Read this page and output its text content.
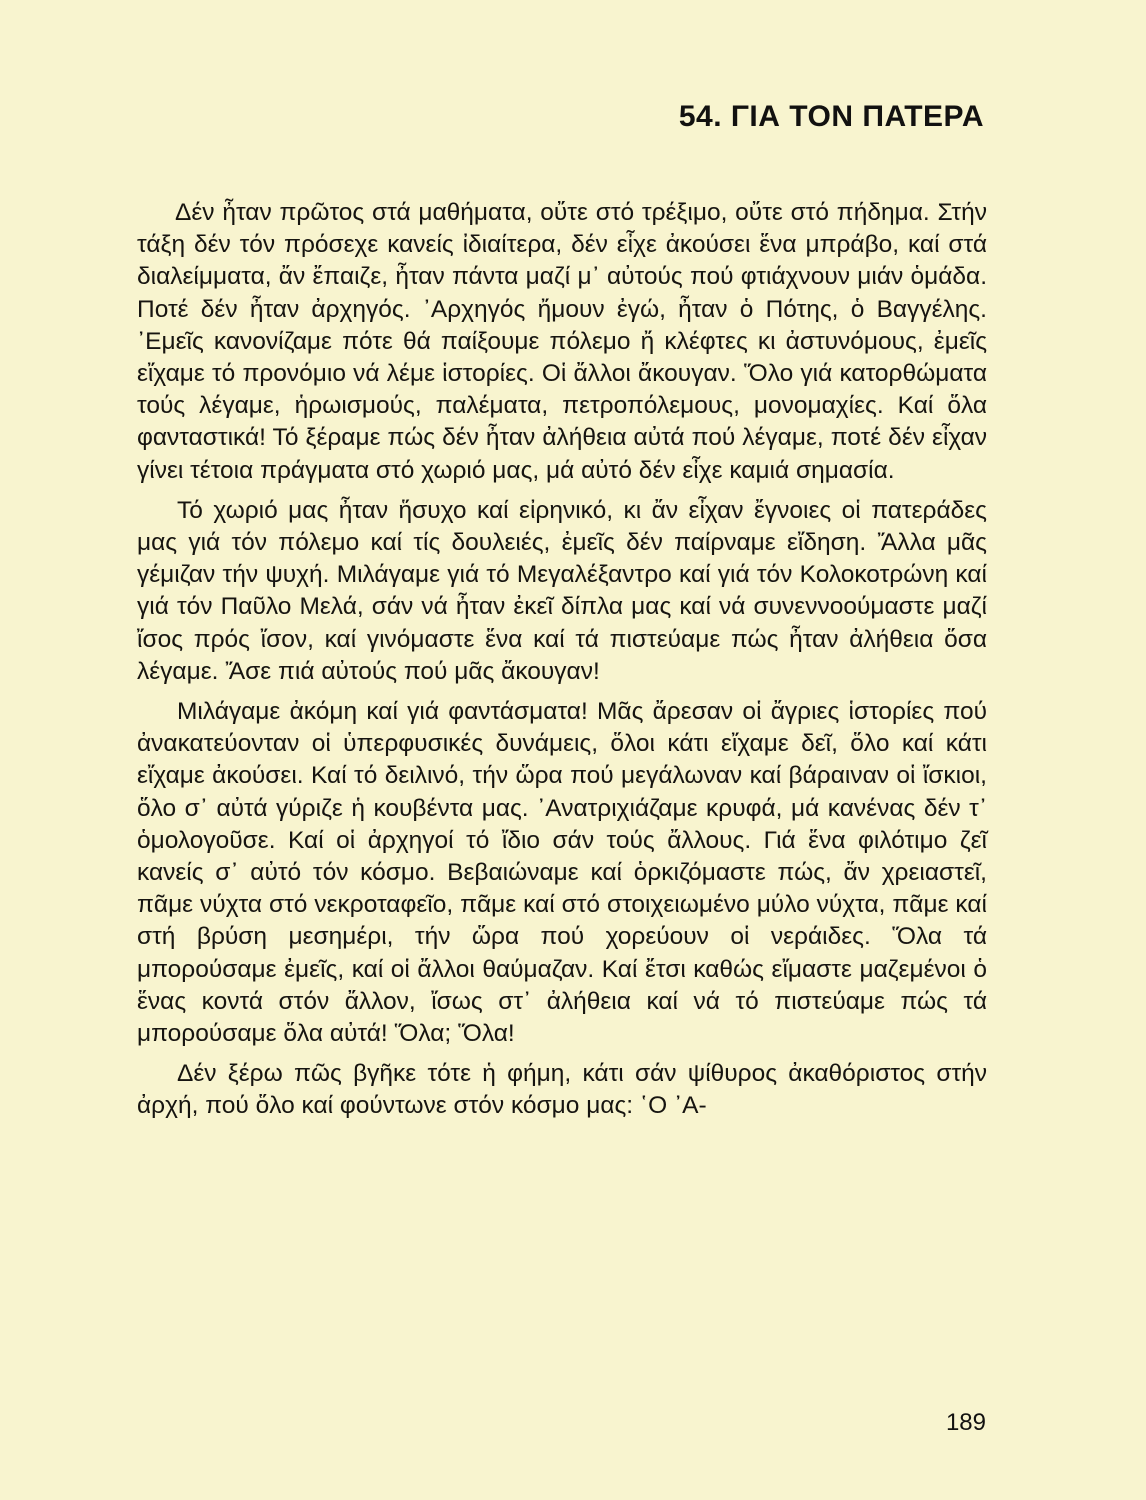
54. ΓΙΑ ΤΟΝ ΠΑΤΕΡΑ

Δέν ἦταν πρῶτος στά μαθήματα, οὔτε στό τρέξιμο, οὔτε στό πήδημα. Στήν τάξη δέν τόν πρόσεχε κανείς ἰδιαίτερα, δέν εἶχε ἀκούσει ἕνα μπράβο, καί στά διαλείμματα, ἄν ἔπαιζε, ἦταν πάντα μαζί μ᾿ αὐτούς πού φτιάχνουν μιάν ὁμάδα. Ποτέ δέν ἦταν ἀρχηγός. ᾿Αρχηγός ἤμουν ἐγώ, ἦταν ὁ Πότης, ὁ Βαγγέλης. ᾿Εμεῖς κανονίζαμε πότε θά παίξουμε πόλεμο ἤ κλέφτες κι ἀστυνόμους, ἐμεῖς εἴχαμε τό προνόμιο νά λέμε ἱστορίες. Οἱ ἄλλοι ἄκουγαν. Ὅλο γιά κατορθώματα τούς λέγαμε, ἡρωισμούς, παλέματα, πετροπόλεμους, μονομαχίες. Καί ὅλα φανταστικά! Τό ξέραμε πώς δέν ἦταν ἀλήθεια αὐτά πού λέγαμε, ποτέ δέν εἶχαν γίνει τέτοια πράγματα στό χωριό μας, μά αὐτό δέν εἶχε καμιά σημασία.

Τό χωριό μας ἦταν ἥσυχο καί εἰρηνικό, κι ἄν εἶχαν ἔγνοιες οἱ πατεράδες μας γιά τόν πόλεμο καί τίς δουλειές, ἐμεῖς δέν παίρναμε εἴδηση. Ἄλλα μᾶς γέμιζαν τήν ψυχή. Μιλάγαμε γιά τό Μεγαλέξαντρο καί γιά τόν Κολοκοτρώνη καί γιά τόν Παῦλο Μελά, σάν νά ἦταν ἐκεῖ δίπλα μας καί νά συνεννοούμαστε μαζί ἴσος πρός ἴσον, καί γινόμαστε ἕνα καί τά πιστεύαμε πώς ἦταν ἀλήθεια ὅσα λέγαμε. Ἄσε πιά αὐτούς πού μᾶς ἄκουγαν!

Μιλάγαμε ἀκόμη καί γιά φαντάσματα! Μᾶς ἄρεσαν οἱ ἄγριες ἱστορίες πού ἀνακατεύονταν οἱ ὑπερφυσικές δυνάμεις, ὅλοι κάτι εἴχαμε δεῖ, ὅλο καί κάτι εἴχαμε ἀκούσει. Καί τό δειλινό, τήν ὥρα πού μεγάλωναν καί βάραιναν οἱ ἴσκιοι, ὅλο σ᾿ αὐτά γύριζε ἡ κουβέντα μας. ᾿Ανατριχιάζαμε κρυφά, μά κανένας δέν τ᾿ ὁμολογοῦσε. Καί οἱ ἀρχηγοί τό ἴδιο σάν τούς ἄλλους. Γιά ἕνα φιλότιμο ζεῖ κανείς σ᾿ αὐτό τόν κόσμο. Βεβαιώναμε καί ὁρκιζόμαστε πώς, ἄν χρειαστεῖ, πᾶμε νύχτα στό νεκροταφεῖο, πᾶμε καί στό στοιχειωμένο μύλο νύχτα, πᾶμε καί στή βρύση μεσημέρι, τήν ὥρα πού χορεύουν οἱ νεράιδες. Ὅλα τά μπορούσαμε ἐμεῖς, καί οἱ ἄλλοι θαύμαζαν. Καί ἔτσι καθώς εἴμαστε μαζεμένοι ὁ ἕνας κοντά στόν ἄλλον, ἴσως στ᾿ ἀλήθεια καί νά τό πιστεύαμε πώς τά μπορούσαμε ὅλα αὐτά! Ὅλα; Ὅλα!

Δέν ξέρω πῶς βγῆκε τότε ἡ φήμη, κάτι σάν ψίθυρος ἀκαθόριστος στήν ἀρχή, πού ὅλο καί φούντωνε στόν κόσμο μας: ῾Ο ᾿Α-

189
